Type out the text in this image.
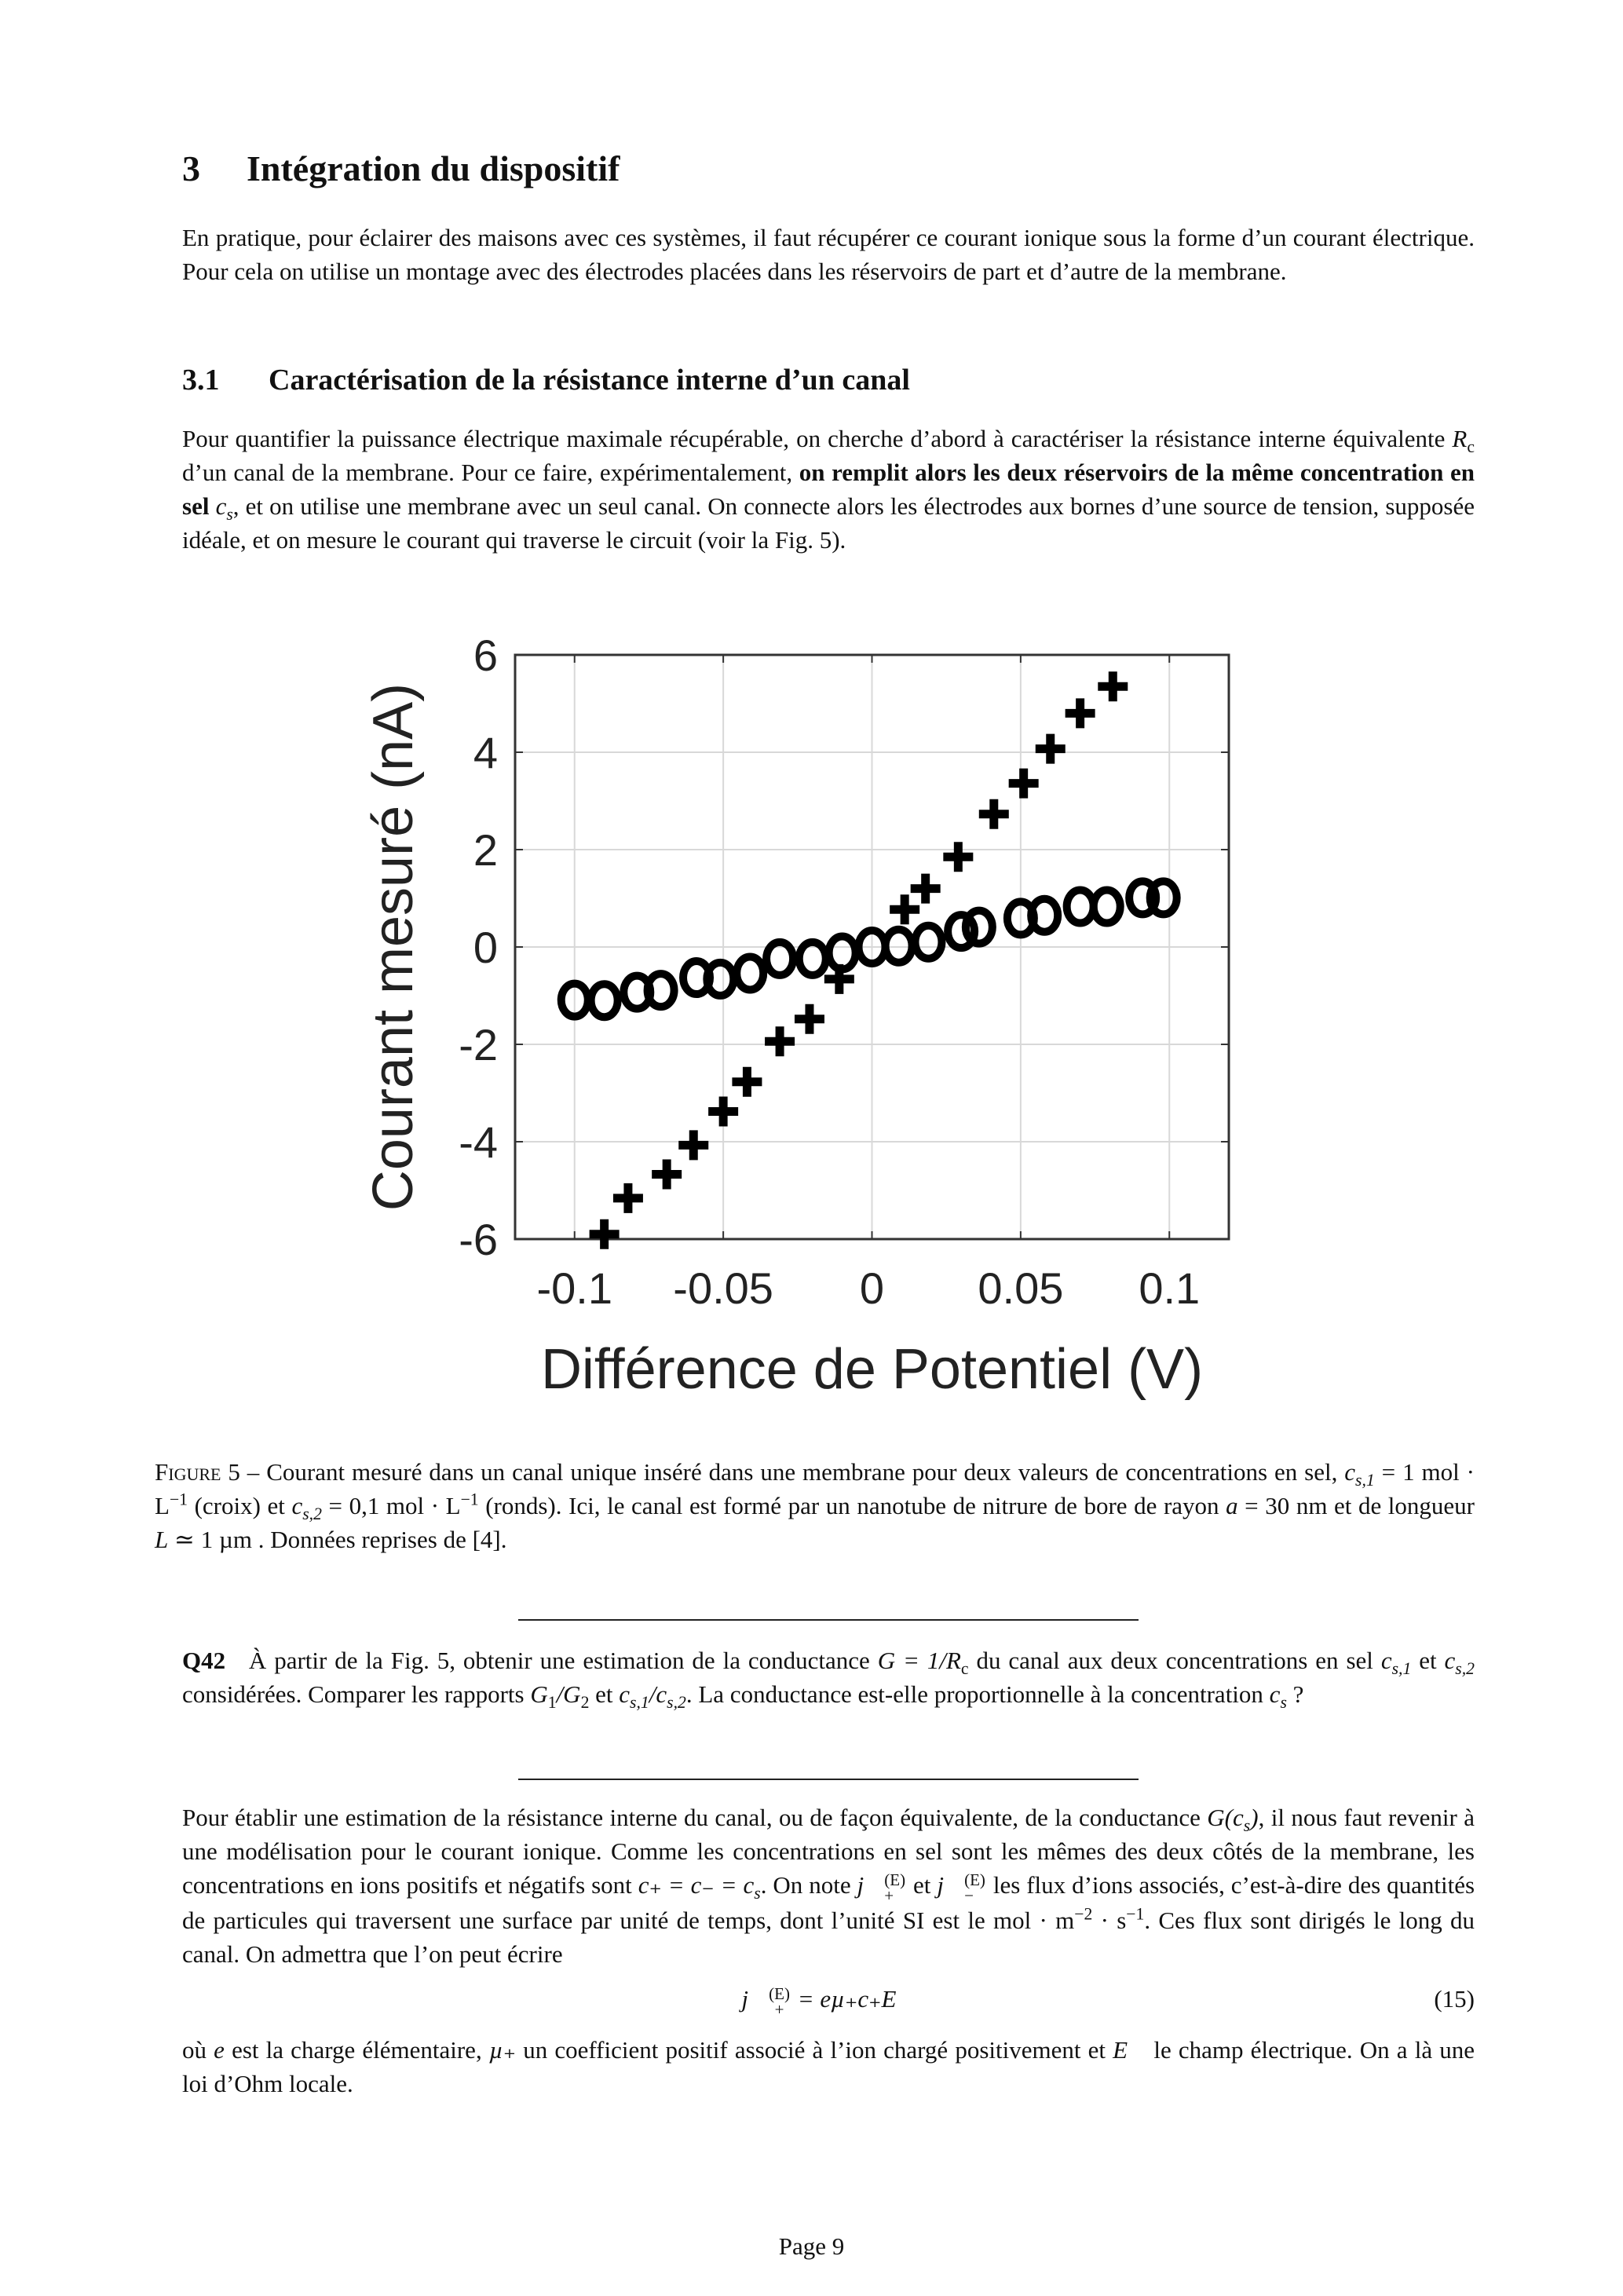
3 Intégration du dispositif
En pratique, pour éclairer des maisons avec ces systèmes, il faut récupérer ce courant ionique sous la forme d’un courant électrique. Pour cela on utilise un montage avec des électrodes placées dans les réservoirs de part et d’autre de la membrane.
3.1 Caractérisation de la résistance interne d’un canal
Pour quantifier la puissance électrique maximale récupérable, on cherche d’abord à caractériser la résistance interne équivalente $R_c$ d’un canal de la membrane. Pour ce faire, expérimentalement, on remplit alors les deux réservoirs de la même concentration en sel $c_s$, et on utilise une membrane avec un seul canal. On connecte alors les électrodes aux bornes d’une source de tension, supposée idéale, et on mesure le courant qui traverse le circuit (voir la Fig. 5).
-0.1 -0.05 0 0.05 0.1
-6
-4
-2
0
2
4
6
Différence de Potentiel (V)
Courant mesuré (nA)
Figure 5 – Courant mesuré dans un canal unique inséré dans une membrane pour deux valeurs de concentrations en sel, $c_{s,1} = 1$ mol · $L^{-1}$ (croix) et $c_{s,2} = 0,1$ mol · $L^{-1}$ (ronds). Ici, le canal est formé par un nanotube de nitrure de bore de rayon a = 30 nm et de longueur L ≃ 1 µm . Données reprises de [4].
Q42 À partir de la Fig. 5, obtenir une estimation de la conductance $G = 1/R_c$ du canal aux deux concentrations en sel $c_{s,1}$ et $c_{s,2}$ considérées. Comparer les rapports $G_1/G_2$ et $c_{s,1}/c_{s,2}$. La conductance est-elle proportionnelle à la concentration $c_s$ ?
Pour établir une estimation de la résistance interne du canal, ou de façon équivalente, de la conductance $G(c_s)$, il nous faut revenir à une modélisation pour le courant ionique. Comme les concentrations en sel sont les mêmes des deux côtés de la membrane, les concentrations en ions positifs et négatifs sont $c_+ = c_- = c_s$. On note j⃗ (E)
+ et j⃗ (E)
− les flux d’ions associés, c’est-à-dire des quantités de particules qui traversent une surface par unité de temps, dont l’unité SI est le mol · $m^{-2} \cdot s^{-1}$. Ces flux sont dirigés le long du canal. On admettra que l’on peut écrire
j⃗ (E)
+ = eµ₊c₊E⃗	(15)
où e est la charge élémentaire, µ₊ un coefficient positif associé à l’ion chargé positivement et E⃗ le champ électrique. On a là une loi d’Ohm locale.
Page 9
